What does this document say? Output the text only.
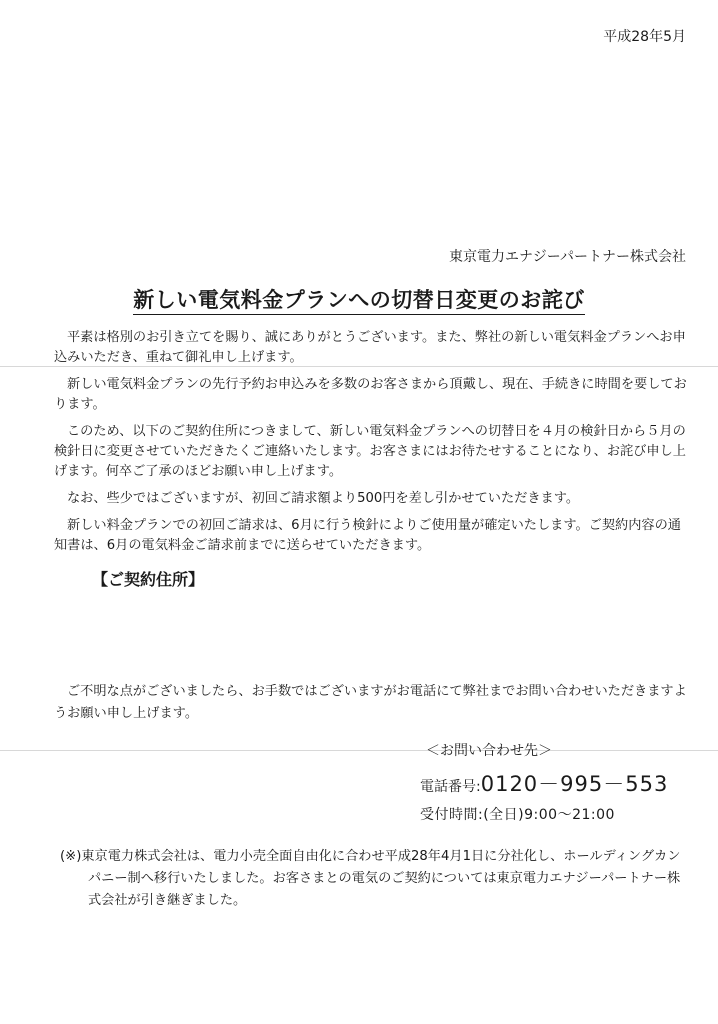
平成28年5月
東京電力エナジーパートナー株式会社
新しい電気料金プランへの切替日変更のお詫び

平素は格別のお引き立てを賜り、誠にありがとうございます。また、弊社の新しい電気料金プランへお申込みいただき、重ねて御礼申し上げます。

新しい電気料金プランの先行予約お申込みを多数のお客さまから頂戴し、現在、手続きに時間を要しております。

このため、以下のご契約住所につきまして、新しい電気料金プランへの切替日を４月の検針日から５月の検針日に変更させていただきたくご連絡いたします。お客さまにはお待たせすることになり、お詫び申し上げます。何卒ご了承のほどお願い申し上げます。

なお、些少ではございますが、初回ご請求額より500円を差し引かせていただきます。

新しい料金プランでの初回ご請求は、6月に行う検針によりご使用量が確定いたします。ご契約内容の通知書は、6月の電気料金ご請求前までに送らせていただきます。

【ご契約住所】

ご不明な点がございましたら、お手数ではございますがお電話にて弊社までお問い合わせいただきますようお願い申し上げます。

＜お問い合わせ先＞
電話番号:0120－995－553
受付時間:(全日)9:00～21:00

(※)東京電力株式会社は、電力小売全面自由化に合わせ平成28年4月1日に分社化し、ホールディングカンパニー制へ移行いたしました。お客さまとの電気のご契約については東京電力エナジーパートナー株式会社が引き継ぎました。
